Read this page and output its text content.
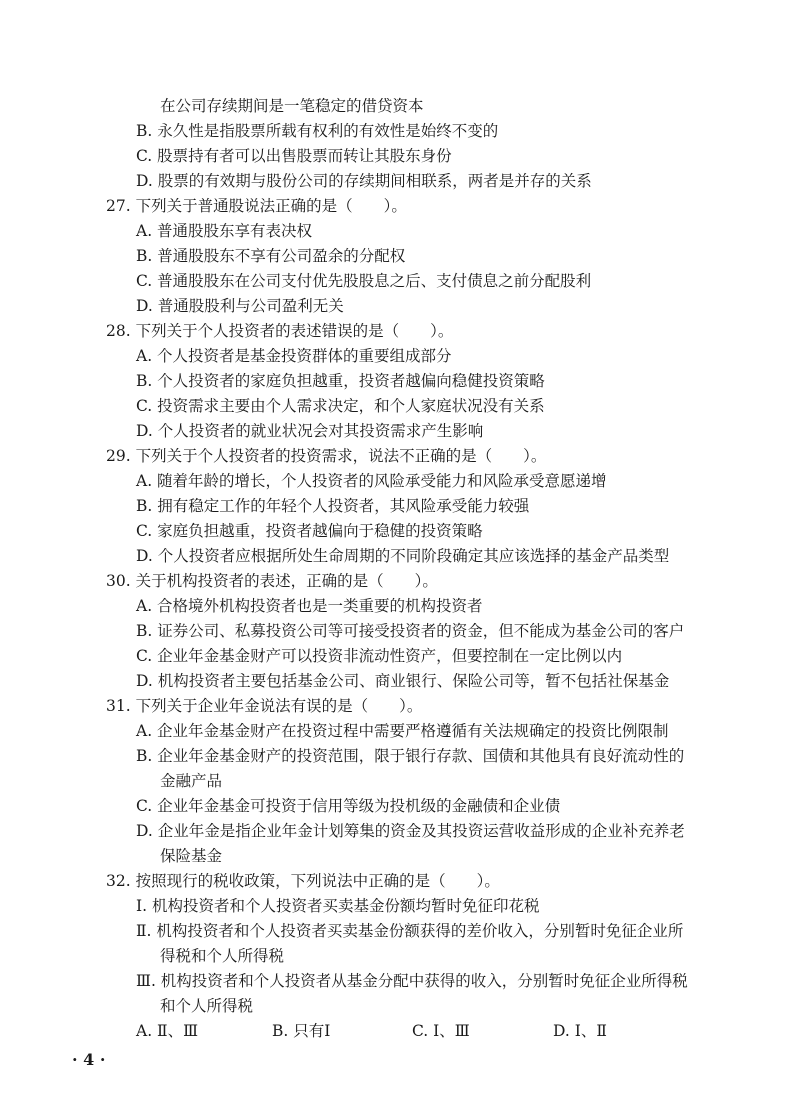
在公司存续期间是一笔稳定的借贷资本
B. 永久性是指股票所载有权利的有效性是始终不变的
C. 股票持有者可以出售股票而转让其股东身份
D. 股票的有效期与股份公司的存续期间相联系，两者是并存的关系
27. 下列关于普通股说法正确的是（　　）。
A. 普通股股东享有表决权
B. 普通股股东不享有公司盈余的分配权
C. 普通股股东在公司支付优先股股息之后、支付债息之前分配股利
D. 普通股股利与公司盈利无关
28. 下列关于个人投资者的表述错误的是（　　）。
A. 个人投资者是基金投资群体的重要组成部分
B. 个人投资者的家庭负担越重，投资者越偏向稳健投资策略
C. 投资需求主要由个人需求决定，和个人家庭状况没有关系
D. 个人投资者的就业状况会对其投资需求产生影响
29. 下列关于个人投资者的投资需求，说法不正确的是（　　）。
A. 随着年龄的增长，个人投资者的风险承受能力和风险承受意愿递增
B. 拥有稳定工作的年轻个人投资者，其风险承受能力较强
C. 家庭负担越重，投资者越偏向于稳健的投资策略
D. 个人投资者应根据所处生命周期的不同阶段确定其应该选择的基金产品类型
30. 关于机构投资者的表述，正确的是（　　）。
A. 合格境外机构投资者也是一类重要的机构投资者
B. 证券公司、私募投资公司等可接受投资者的资金，但不能成为基金公司的客户
C. 企业年金基金财产可以投资非流动性资产，但要控制在一定比例以内
D. 机构投资者主要包括基金公司、商业银行、保险公司等，暂不包括社保基金
31. 下列关于企业年金说法有误的是（　　）。
A. 企业年金基金财产在投资过程中需要严格遵循有关法规确定的投资比例限制
B. 企业年金基金财产的投资范围，限于银行存款、国债和其他具有良好流动性的
金融产品
C. 企业年金基金可投资于信用等级为投机级的金融债和企业债
D. 企业年金是指企业年金计划筹集的资金及其投资运营收益形成的企业补充养老
保险基金
32. 按照现行的税收政策，下列说法中正确的是（　　）。
Ⅰ. 机构投资者和个人投资者买卖基金份额均暂时免征印花税
Ⅱ. 机构投资者和个人投资者买卖基金份额获得的差价收入，分别暂时免征企业所
得税和个人所得税
Ⅲ. 机构投资者和个人投资者从基金分配中获得的收入，分别暂时免征企业所得税
和个人所得税
A. Ⅱ、Ⅲ	B. 只有Ⅰ	C. Ⅰ、Ⅲ	D. Ⅰ、Ⅱ
· 4 ·
